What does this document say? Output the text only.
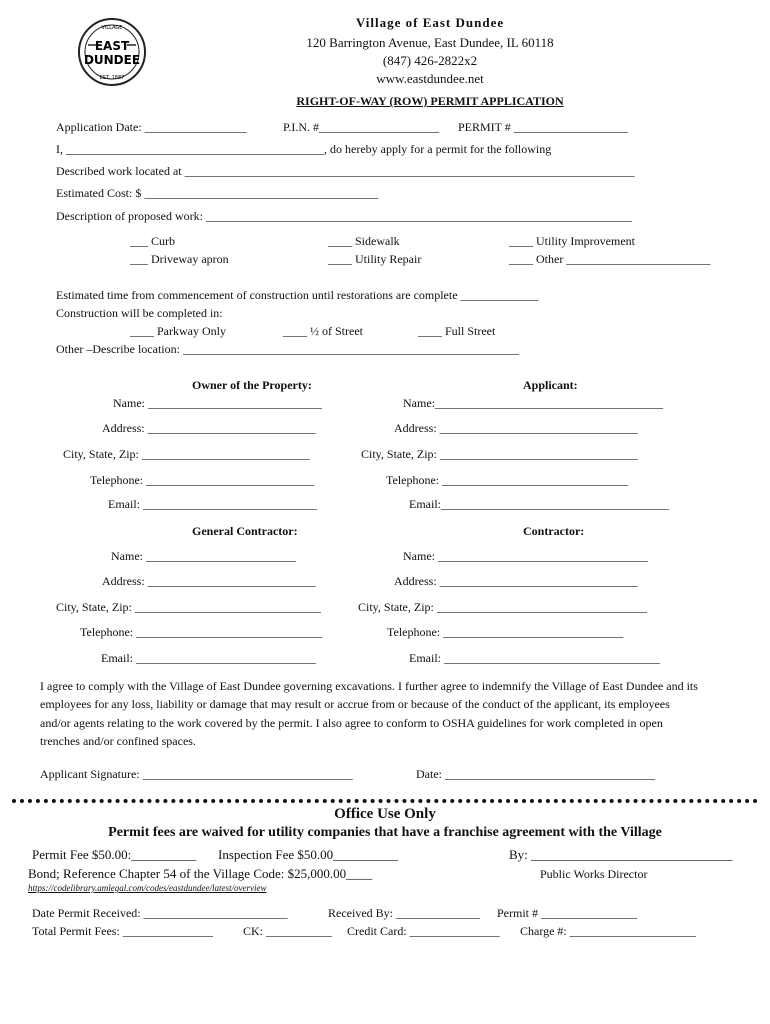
VILLAGE
EAST
DUNDEE
EST. 1887
Village of East Dundee
120 Barrington Avenue, East Dundee, IL 60118
(847) 426-2822x2
www.eastdundee.net
RIGHT-OF-WAY (ROW) PERMIT APPLICATION
Application Date: _________________	P.I.N. #____________________ PERMIT # ___________________
I, ___________________________________________, do hereby apply for a permit for the following
Described work located at ___________________________________________________________________________
Estimated Cost: $ _______________________________________
Description of proposed work: _______________________________________________________________________
___ Curb
___ Driveway apron
____ Sidewalk
____ Utility Repair
____ Utility Improvement
____ Other ________________________
Estimated time from commencement of construction until restorations are complete _____________
Construction will be completed in:
____ Parkway Only	____ ½ of Street	____ Full Street
Other –Describe location: ________________________________________________________
Owner of the Property:
Name: _____________________________
Address: ____________________________
City, State, Zip: ____________________________
Telephone: ____________________________
Email: _____________________________
Applicant:
Name:______________________________________
Address: _________________________________
City, State, Zip: _________________________________
Telephone: _______________________________
Email:______________________________________
General Contractor:
Name: _________________________
Address: ____________________________
City, State, Zip: _______________________________
Telephone: _______________________________
Email: ______________________________
Contractor:
Name: ___________________________________
Address: _________________________________
City, State, Zip: ___________________________________
Telephone: ______________________________
Email: ____________________________________
I agree to comply with the Village of East Dundee governing excavations. I further agree to indemnify the Village of East Dundee and its employees for any loss, liability or damage that may result or accrue from or because of the conduct of the applicant, its employees and/or agents relating to the work covered by the permit. I also agree to conform to OSHA guidelines for work completed in open trenches and/or confined spaces.
Applicant Signature: ___________________________________	Date: ___________________________________
Office Use Only
Permit fees are waived for utility companies that have a franchise agreement with the Village
Permit Fee $50.00:__________ Inspection Fee $50.00__________	By: _______________________________
Bond; Reference Chapter 54 of the Village Code: $25,000.00____	Public Works Director
https://codelibrary.amlegal.com/codes/eastdundee/latest/overview
Date Permit Received: ________________________	Received By: ______________ Permit # ________________
Total Permit Fees: _______________	CK: ___________ Credit Card: _______________ Charge #: _____________________
